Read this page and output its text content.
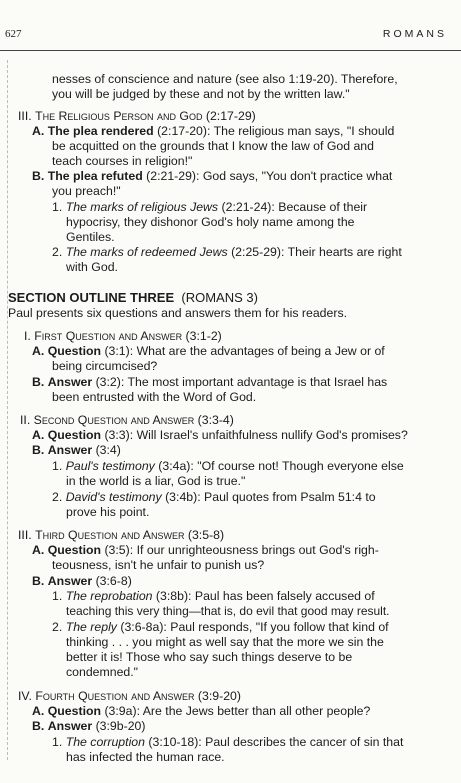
627	ROMANS
nesses of conscience and nature (see also 1:19-20). Therefore,
you will be judged by these and not by the written law."
III. The Religious Person and God (2:17-29)
A. The plea rendered (2:17-20): The religious man says, "I should
be acquitted on the grounds that I know the law of God and
teach courses in religion!"
B. The plea refuted (2:21-29): God says, "You don't practice what
you preach!"
1. The marks of religious Jews (2:21-24): Because of their
hypocrisy, they dishonor God's holy name among the
Gentiles.
2. The marks of redeemed Jews (2:25-29): Their hearts are right
with God.
SECTION OUTLINE THREE (ROMANS 3)
Paul presents six questions and answers them for his readers.
I. First Question and Answer (3:1-2)
A. Question (3:1): What are the advantages of being a Jew or of
being circumcised?
B. Answer (3:2): The most important advantage is that Israel has
been entrusted with the Word of God.
II. Second Question and Answer (3:3-4)
A. Question (3:3): Will Israel's unfaithfulness nullify God's promises?
B. Answer (3:4)
1. Paul's testimony (3:4a): "Of course not! Though everyone else
in the world is a liar, God is true."
2. David's testimony (3:4b): Paul quotes from Psalm 51:4 to
prove his point.
III. Third Question and Answer (3:5-8)
A. Question (3:5): If our unrighteousness brings out God's righ-
teousness, isn't he unfair to punish us?
B. Answer (3:6-8)
1. The reprobation (3:8b): Paul has been falsely accused of
teaching this very thing—that is, do evil that good may result.
2. The reply (3:6-8a): Paul responds, "If you follow that kind of
thinking . . . you might as well say that the more we sin the
better it is! Those who say such things deserve to be
condemned."
IV. Fourth Question and Answer (3:9-20)
A. Question (3:9a): Are the Jews better than all other people?
B. Answer (3:9b-20)
1. The corruption (3:10-18): Paul describes the cancer of sin that
has infected the human race.
